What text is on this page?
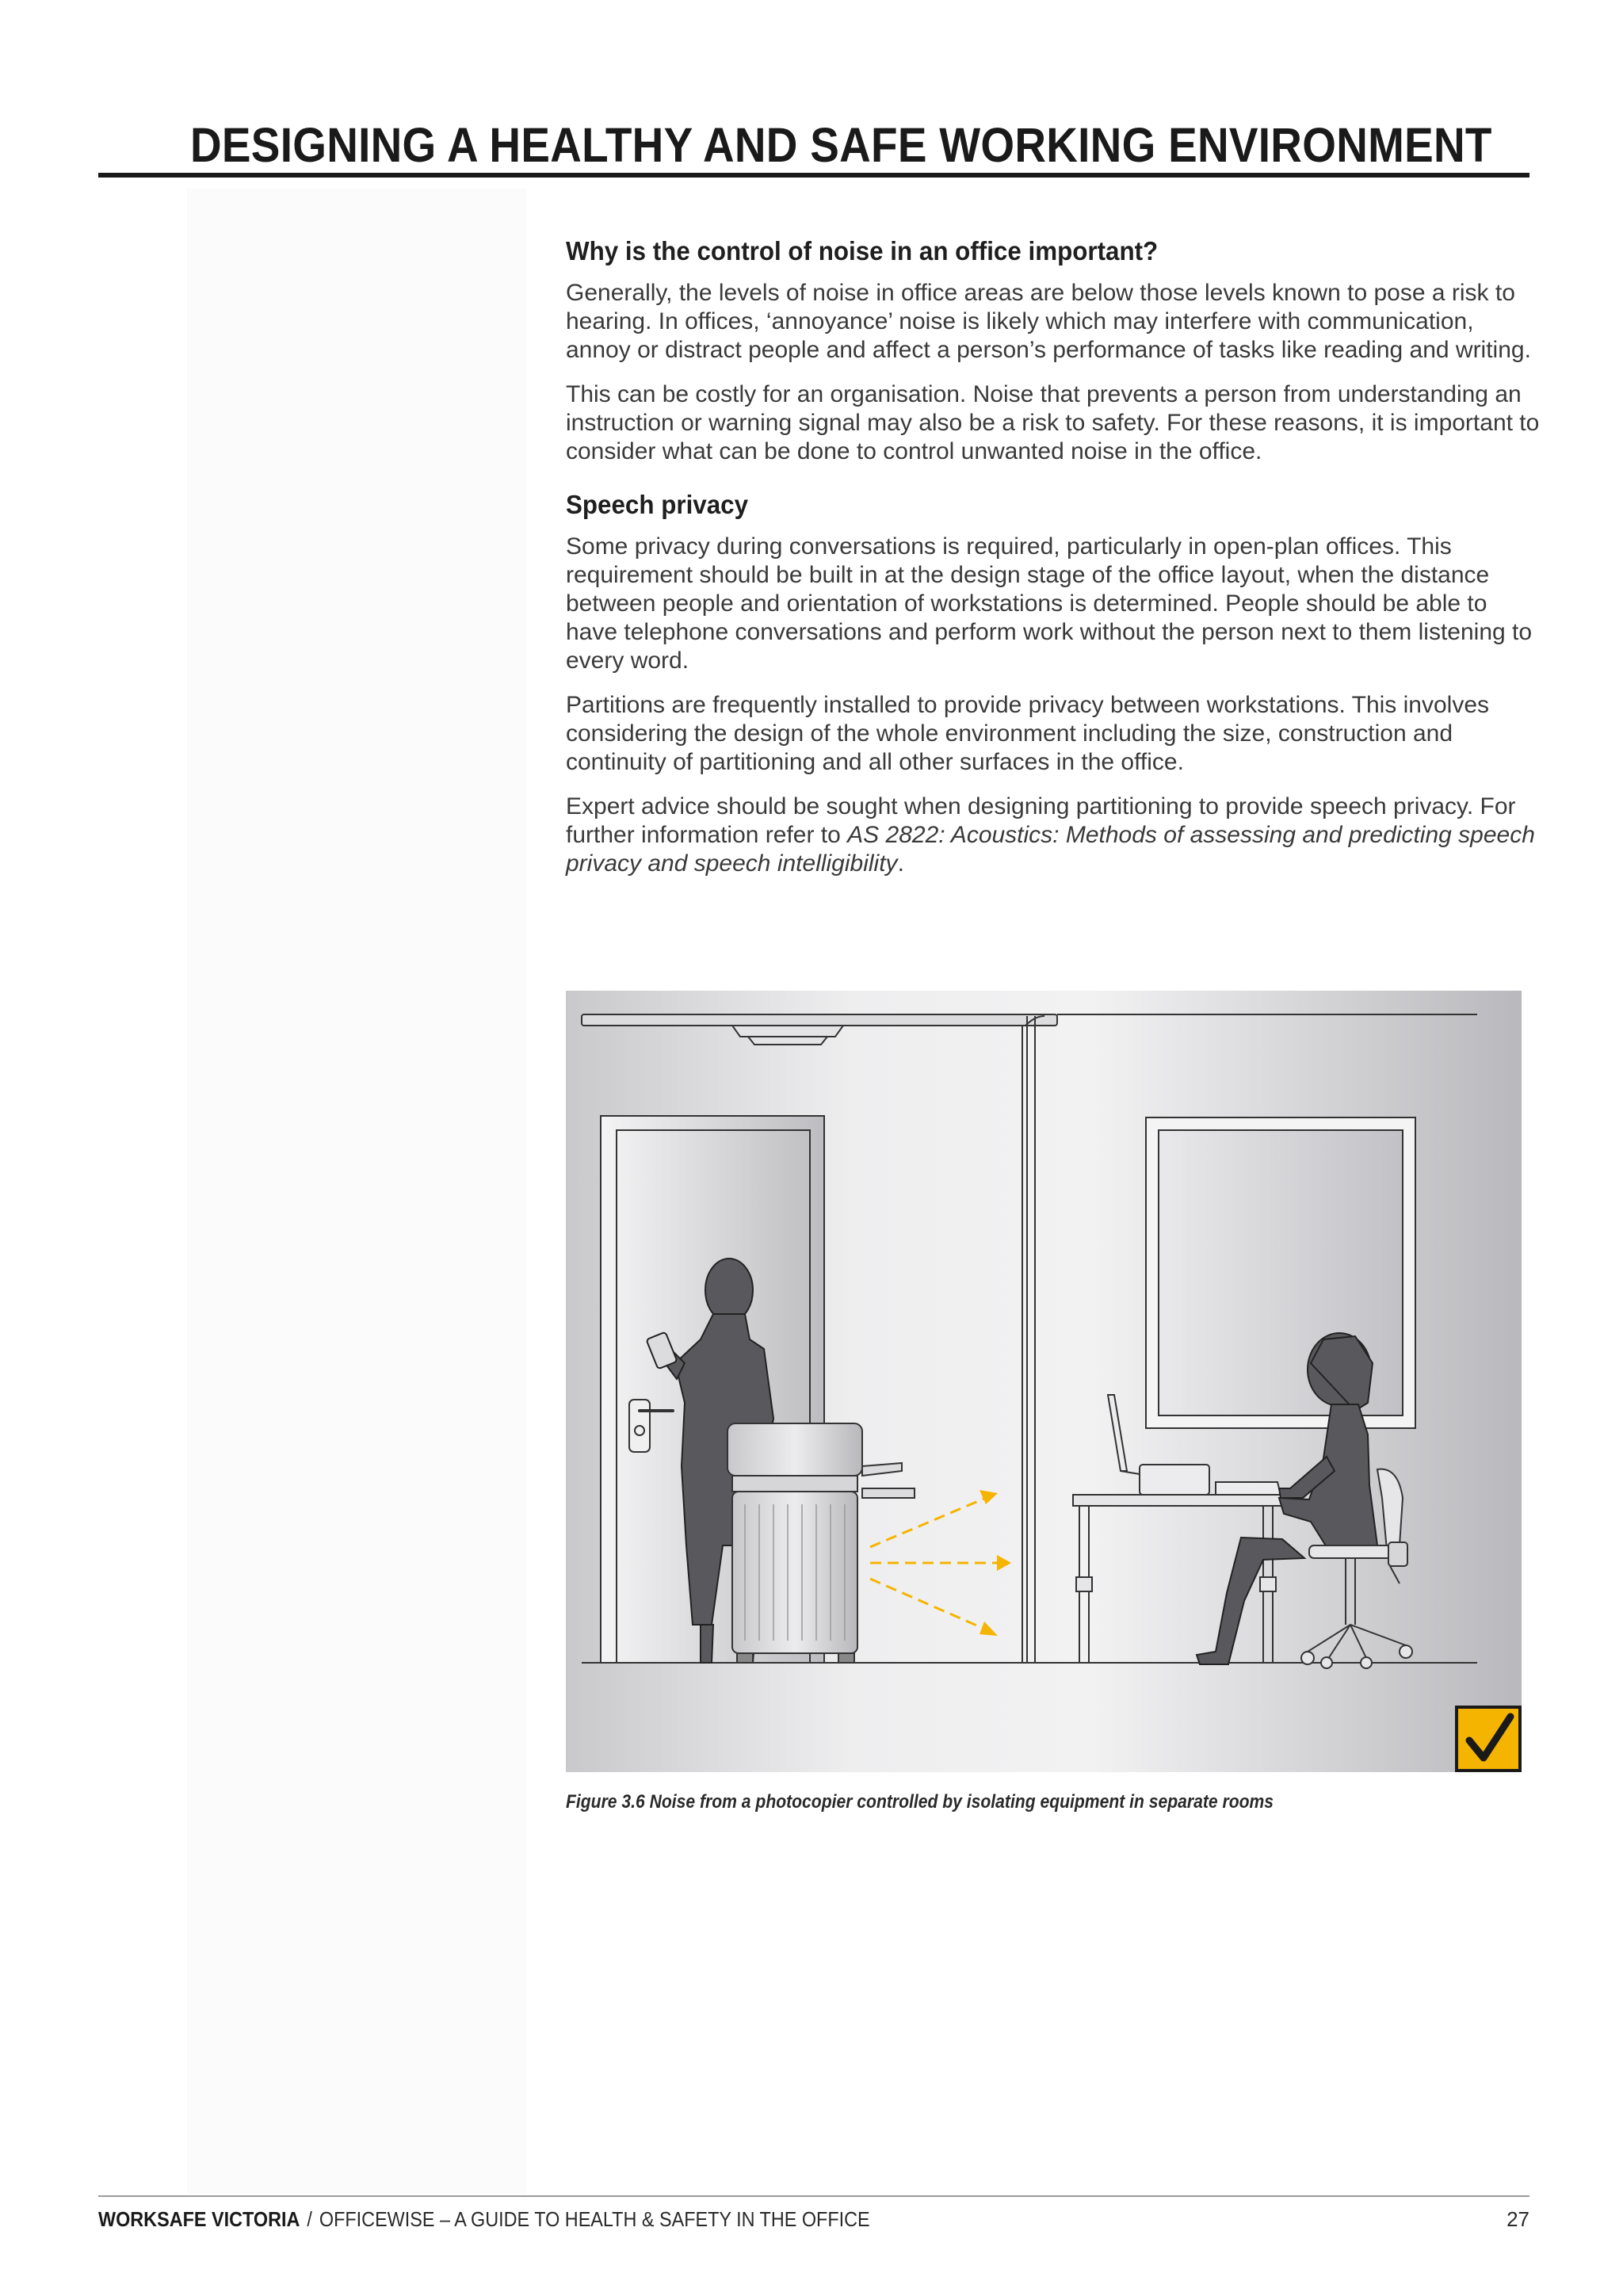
DESIGNING A HEALTHY AND SAFE WORKING ENVIRONMENT
Why is the control of noise in an office important?

Generally, the levels of noise in office areas are below those levels known to pose a risk to hearing. In offices, ‘annoyance’ noise is likely which may interfere with communication, annoy or distract people and affect a person’s performance of tasks like reading and writing.

This can be costly for an organisation. Noise that prevents a person from understanding an instruction or warning signal may also be a risk to safety. For these reasons, it is important to consider what can be done to control unwanted noise in the office.

Speech privacy

Some privacy during conversations is required, particularly in open-plan offices. This requirement should be built in at the design stage of the office layout, when the distance between people and orientation of workstations is determined. People should be able to have telephone conversations and perform work without the person next to them listening to every word.

Partitions are frequently installed to provide privacy between workstations. This involves considering the design of the whole environment including the size, construction and continuity of partitioning and all other surfaces in the office.

Expert advice should be sought when designing partitioning to provide speech privacy. For further information refer to AS 2822: Acoustics: Methods of assessing and predicting speech privacy and speech intelligibility.

Figure 3.6 Noise from a photocopier controlled by isolating equipment in separate rooms

WORKSAFE VICTORIA / OFFICEWISE – A GUIDE TO HEALTH & SAFETY IN THE OFFICE	27
